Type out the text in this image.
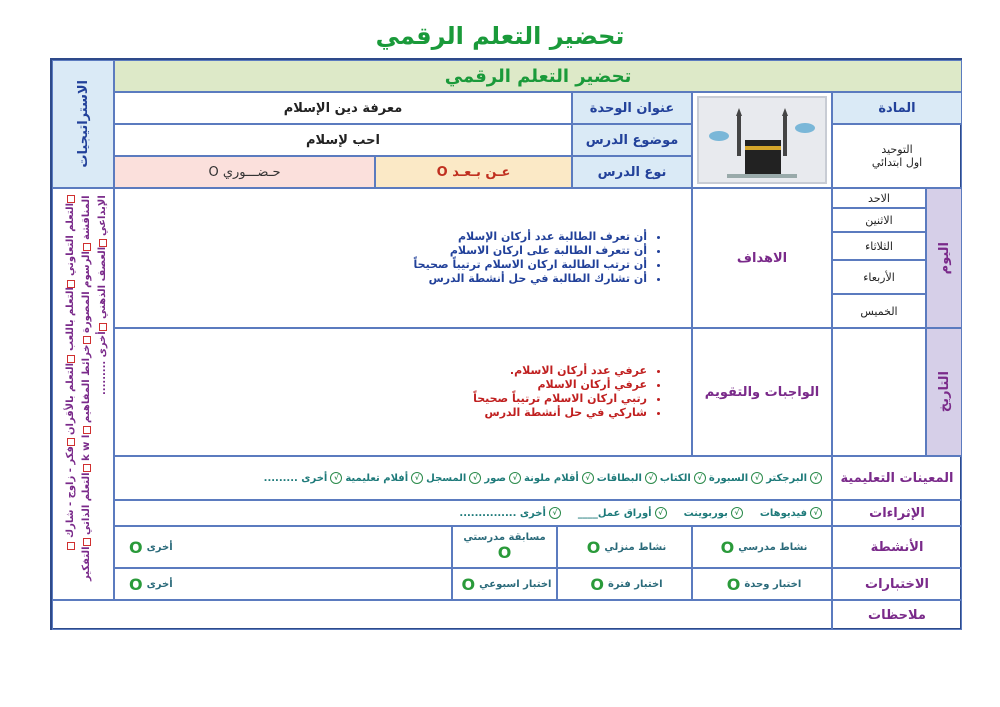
تحضير التعلم الرقمي
الاستراتيجيات
التعلم التعاوني التعلم باللعب التعلم بالأقران فكر - زاوج - شارك المناقشة الرسوم المصورة خرائط المفاهيم k w l التعلم الذاتي التفكير الإبداعي العصف الذهني أخرى .........
تحضير التعلم الرقمي
المادة
التوحيد
اول ابتدائي
عنوان الوحدة
معرفة دين الإسلام
موضوع الدرس
احب لإسلام
نوع الدرس
عـن بـعـد O
حـضـــوري O
اليوم
الاحد
الاثنين
الثلاثاء
الأربعاء
الخميس
التاريخ
الاهداف
• أن تعرف الطالبة عدد أركان الإسلام
• أن تتعرف الطالبة على اركان الاسلام
• أن ترتب الطالبة اركان الاسلام ترتيباً صحيحاً
• أن تشارك الطالبة في حل أنشطة الدرس
الواجبات والتقويم
• عرفي عدد أركان الاسلام.
• عرفي أركان الاسلام
• رتبي اركان الاسلام ترتيباً صحيحاً
• شاركي في حل أنشطة الدرس
المعينات التعليمية
√البرجكتر
√السبورة
√الكتاب
√البطاقات
√أقلام ملونة
√صور
√المسجل
√أفلام تعليمية
√أخرى .........
الإثراءات
√فيديوهات
√بوربوينت
√أوراق عمل____
√أخرى ...............
الأنشطة
نشاط مدرسي
O
نشاط منزلي
O
مسابقة مدرستي
O
أخرى
O
الاختبارات
اختبار وحدة
O
اختبار فترة
O
اختبار اسبوعي
O
أخرى
O
ملاحظات
